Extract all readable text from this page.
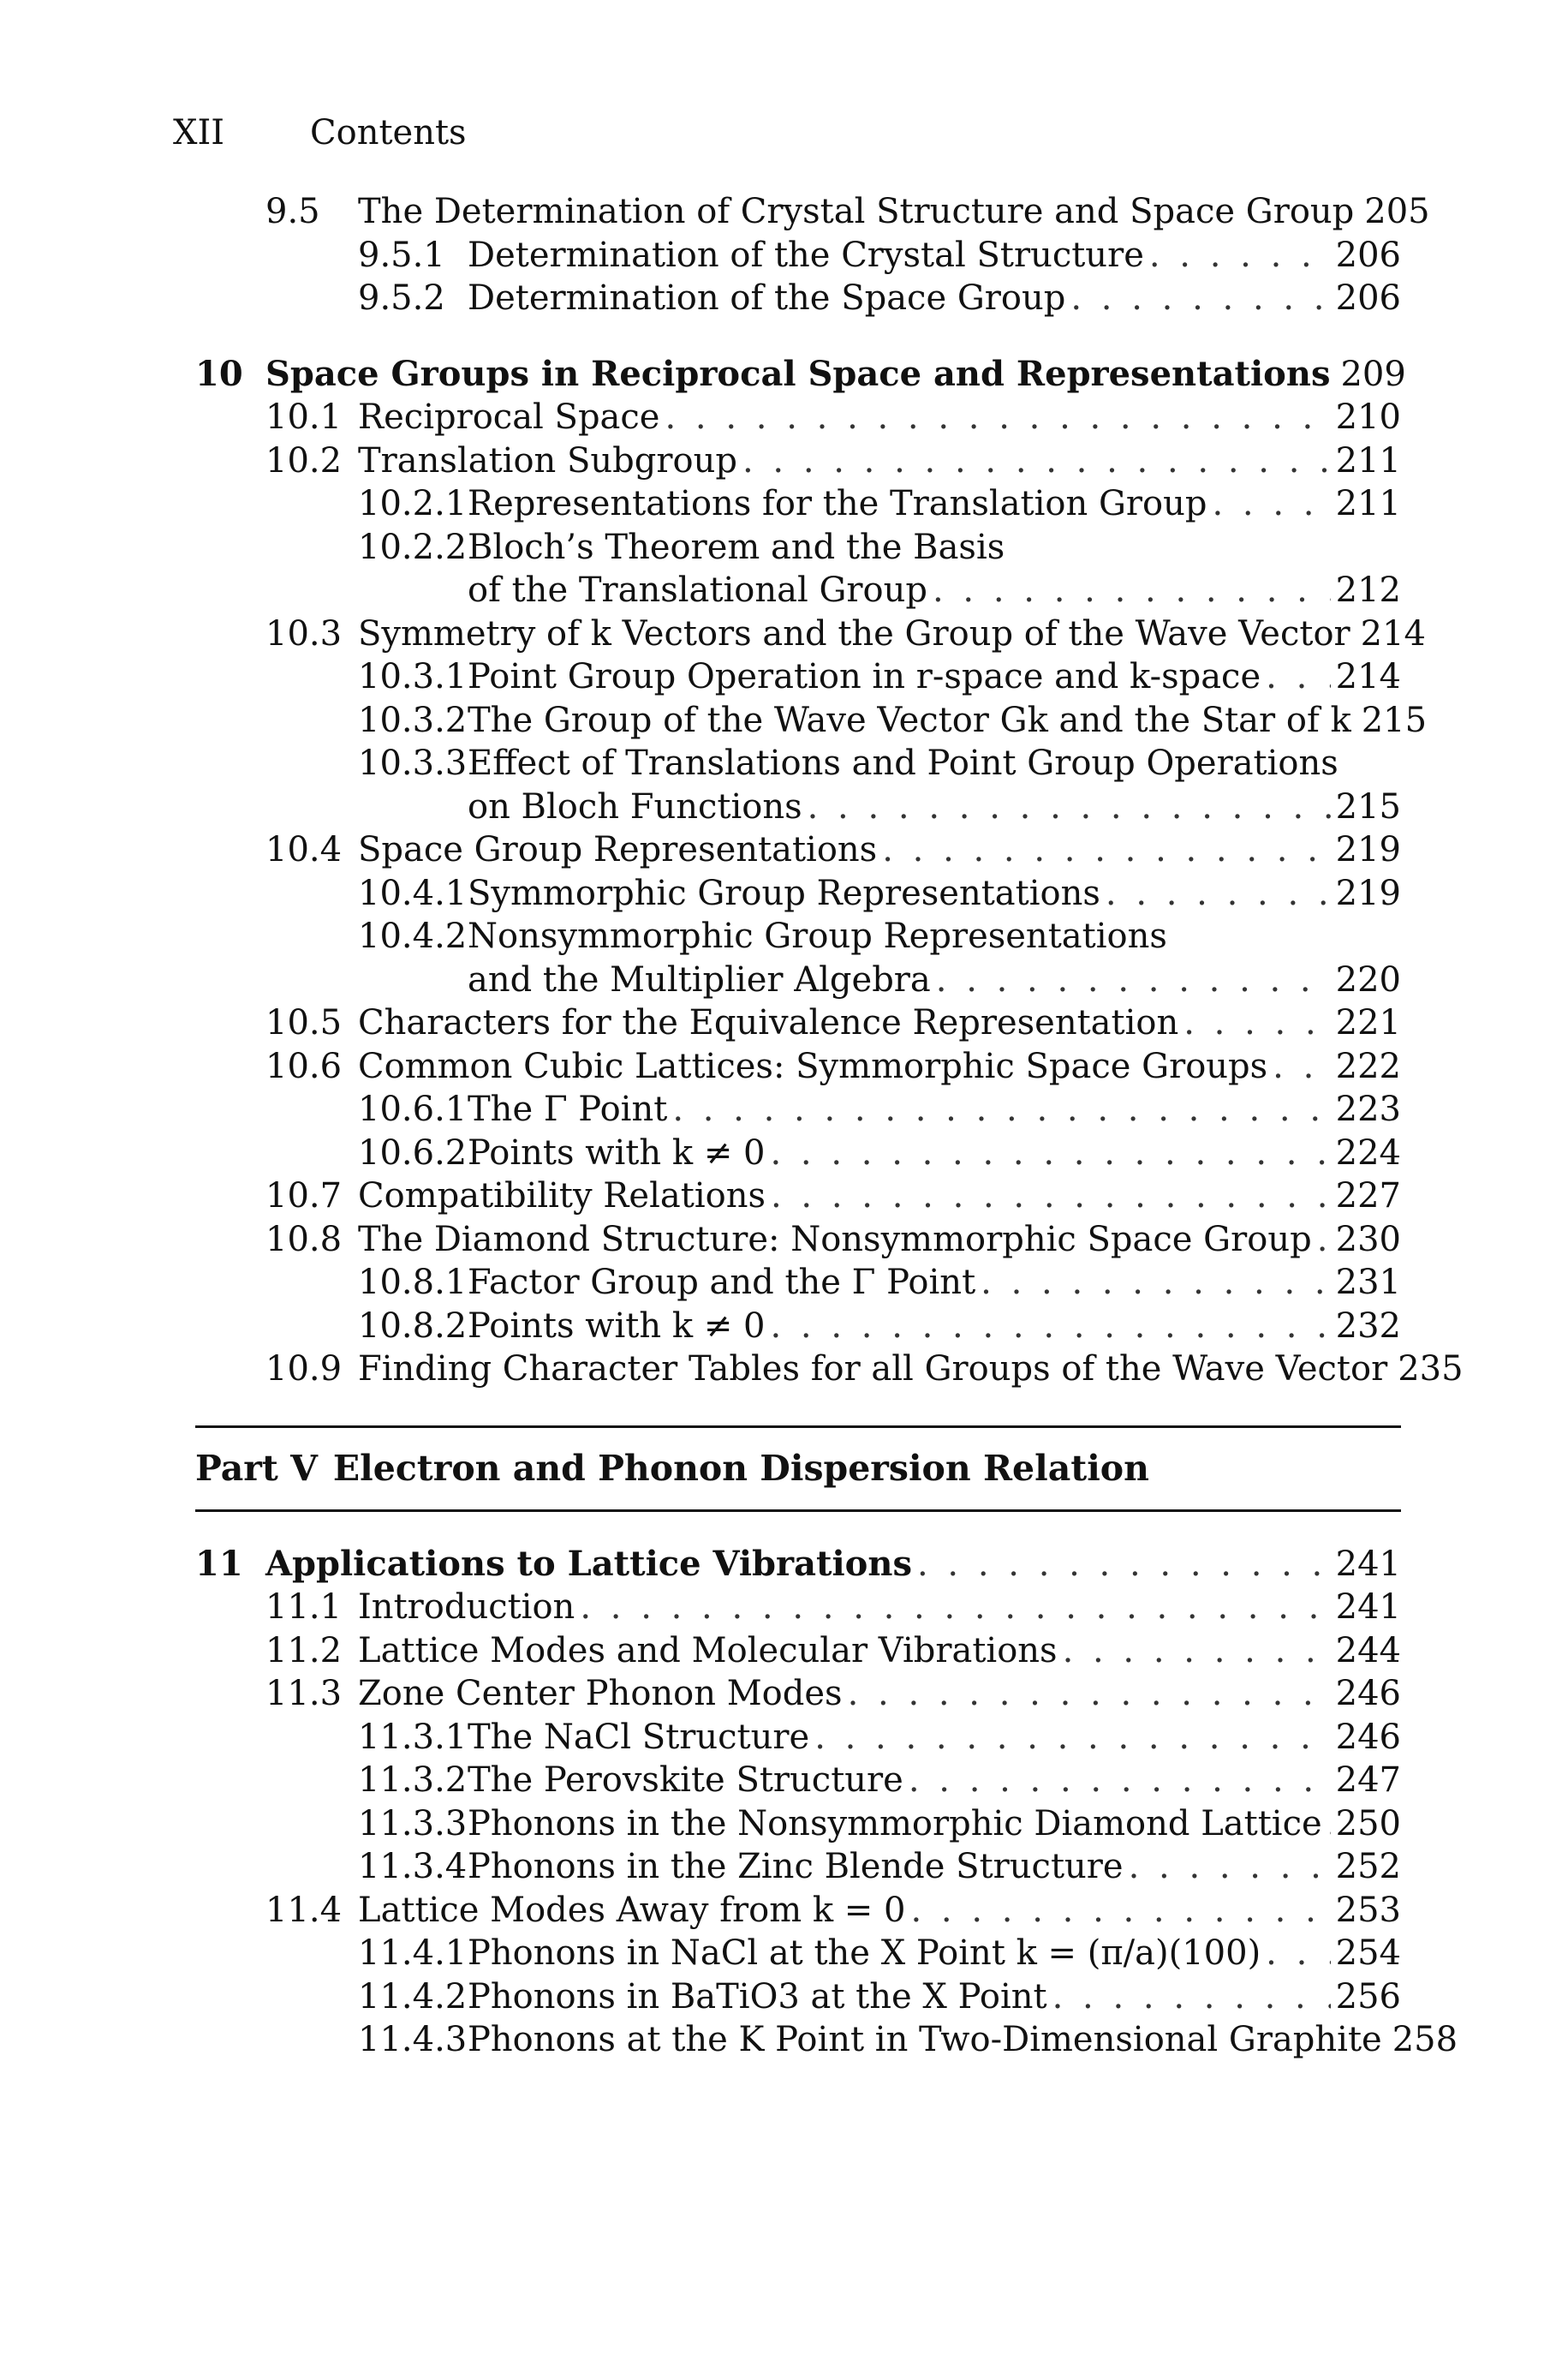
XII	Contents
9.5	The Determination of Crystal Structure and Space Group 205
9.5.1 Determination of the Crystal Structure . . .	206
9.5.2 Determination of the Space Group . . .	206
10 Space Groups in Reciprocal Space and Representations 209
10.1 Reciprocal Space . . .	210
10.2 Translation Subgroup . . .	211
10.2.1 Representations for the Translation Group . . .	211
10.2.2 Bloch’s Theorem and the Basis
of the Translational Group . . .	212
10.3 Symmetry of k Vectors and the Group of the Wave Vector 214
10.3.1 Point Group Operation in r-space and k-space . . . 214
10.3.2 The Group of the Wave Vector Gk and the Star of k 215
10.3.3 Effect of Translations and Point Group Operations
on Bloch Functions . . .	215
10.4 Space Group Representations . . .	219
10.4.1 Symmorphic Group Representations . . .	219
10.4.2 Nonsymmorphic Group Representations
and the Multiplier Algebra . . .	220
10.5 Characters for the Equivalence Representation . . .	221
10.6 Common Cubic Lattices: Symmorphic Space Groups . . . 222
10.6.1 The Γ Point . . .	223
10.6.2 Points with k ≠ 0 . . .	224
10.7 Compatibility Relations . . .	227
10.8 The Diamond Structure: Nonsymmorphic Space Group . . . 230
10.8.1 Factor Group and the Γ Point . . .	231
10.8.2 Points with k ≠ 0 . . .	232
10.9 Finding Character Tables for all Groups of the Wave Vector 235
Part V Electron and Phonon Dispersion Relation
11 Applications to Lattice Vibrations . . .	241
11.1 Introduction . . .	241
11.2 Lattice Modes and Molecular Vibrations . . .	244
11.3 Zone Center Phonon Modes . . .	246
11.3.1 The NaCl Structure . . .	246
11.3.2 The Perovskite Structure . . .	247
11.3.3 Phonons in the Nonsymmorphic Diamond Lattice . . . 250
11.3.4 Phonons in the Zinc Blende Structure . . .	252
11.4 Lattice Modes Away from k = 0 . . .	253
11.4.1 Phonons in NaCl at the X Point k = (π/a)(100) . . . 254
11.4.2 Phonons in BaTiO3 at the X Point . . .	256
11.4.3 Phonons at the K Point in Two-Dimensional Graphite 258
